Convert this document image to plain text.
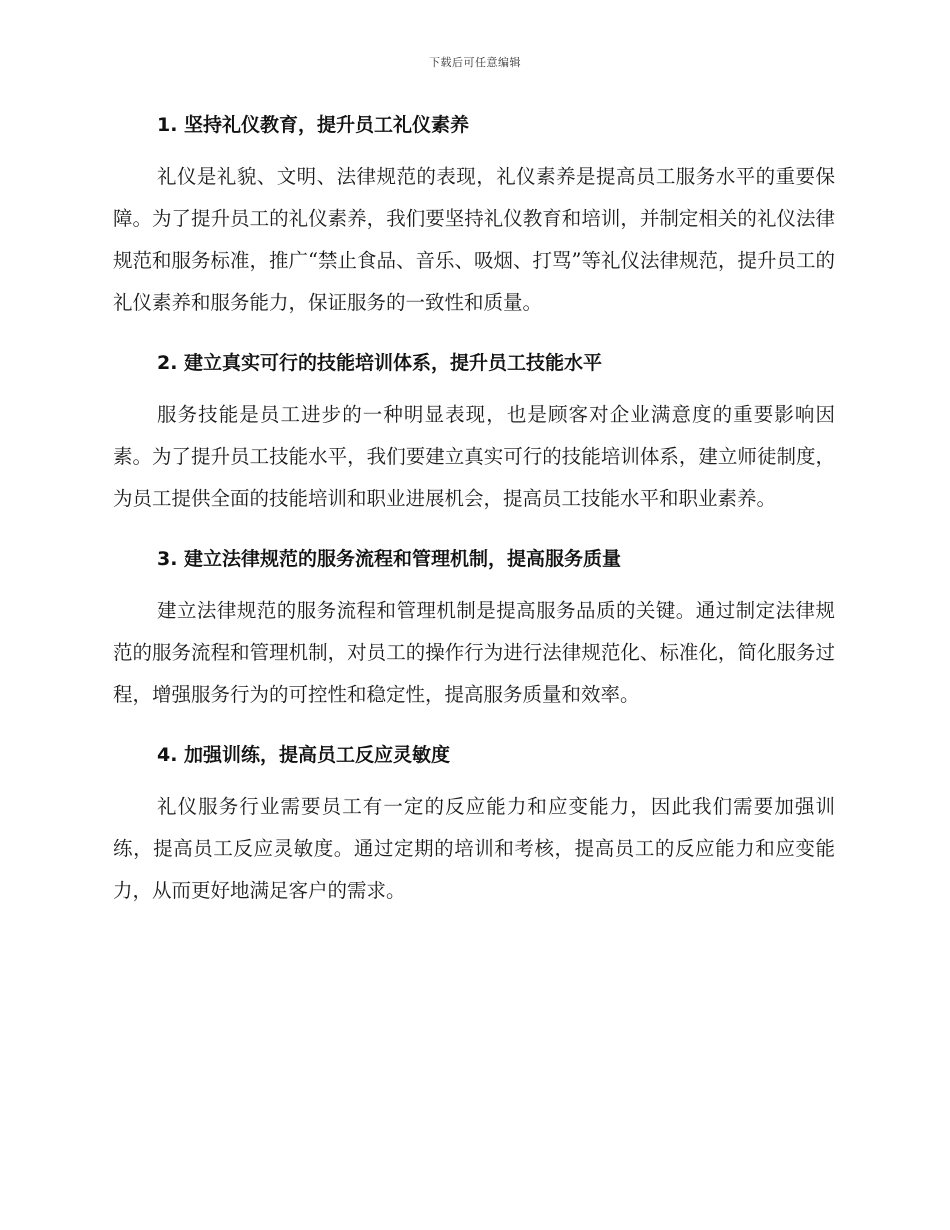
下载后可任意编辑
1. 坚持礼仪教育，提升员工礼仪素养

礼仪是礼貌、文明、法律规范的表现，礼仪素养是提高员工服务水平的重要保障。为了提升员工的礼仪素养，我们要坚持礼仪教育和培训，并制定相关的礼仪法律规范和服务标准，推广“禁止食品、音乐、吸烟、打骂”等礼仪法律规范，提升员工的礼仪素养和服务能力，保证服务的一致性和质量。

2. 建立真实可行的技能培训体系，提升员工技能水平

服务技能是员工进步的一种明显表现，也是顾客对企业满意度的重要影响因素。为了提升员工技能水平，我们要建立真实可行的技能培训体系，建立师徒制度，为员工提供全面的技能培训和职业进展机会，提高员工技能水平和职业素养。

3. 建立法律规范的服务流程和管理机制，提高服务质量

建立法律规范的服务流程和管理机制是提高服务品质的关键。通过制定法律规范的服务流程和管理机制，对员工的操作行为进行法律规范化、标准化，简化服务过程，增强服务行为的可控性和稳定性，提高服务质量和效率。

4. 加强训练，提高员工反应灵敏度

礼仪服务行业需要员工有一定的反应能力和应变能力，因此我们需要加强训练，提高员工反应灵敏度。通过定期的培训和考核，提高员工的反应能力和应变能力，从而更好地满足客户的需求。
